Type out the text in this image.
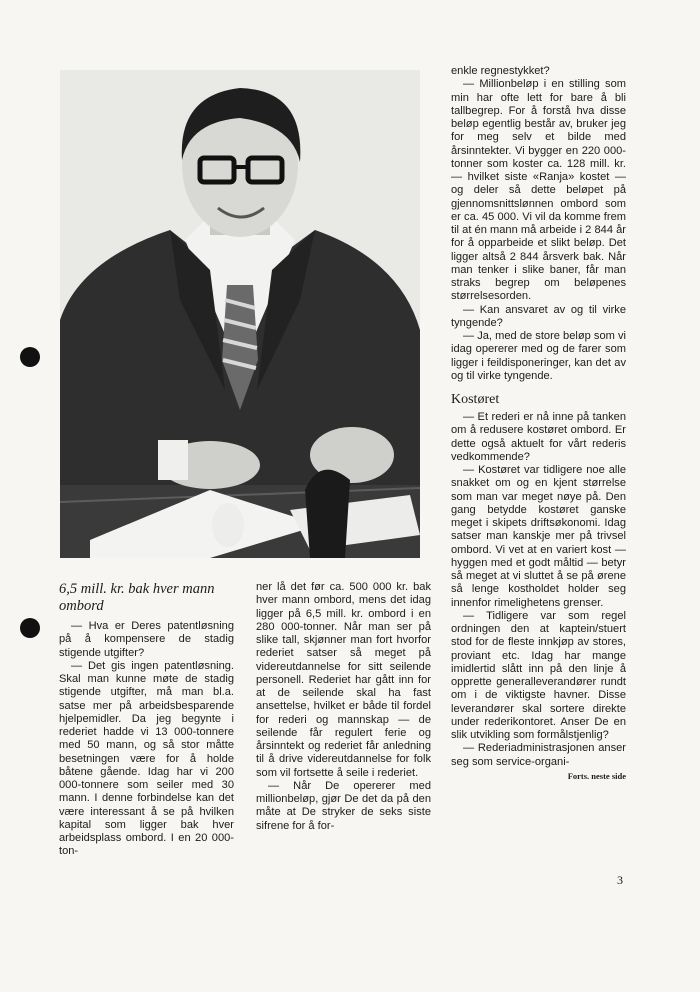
6,5 mill. kr. bak hver mann ombord

— Hva er Deres patentløsning på å kompensere de stadig stigende utgifter?

— Det gis ingen patentløsning. Skal man kunne møte de stadig stigende utgifter, må man bl.a. satse mer på arbeidsbesparende hjelpemidler. Da jeg begynte i rederiet hadde vi 13 000-tonnere med 50 mann, og så stor måtte besetningen være for å holde båtene gående. Idag har vi 200 000-tonnere som seiler med 30 mann. I denne forbindelse kan det være interessant å se på hvilken kapital som ligger bak hver arbeidsplass ombord. I en 20 000-ton-

ner lå det før ca. 500 000 kr. bak hver mann ombord, mens det idag ligger på 6,5 mill. kr. ombord i en 280 000-tonner. Når man ser på slike tall, skjønner man fort hvorfor rederiet satser så meget på videreutdannelse for sitt seilende personell. Rederiet har gått inn for at de seilende skal ha fast ansettelse, hvilket er både til fordel for rederi og mannskap — de seilende får regulert ferie og årsinntekt og rederiet får anledning til å drive videreutdannelse for folk som vil fortsette å seile i rederiet.

— Når De opererer med millionbeløp, gjør De det da på den måte at De stryker de seks siste sifrene for å for-

enkle regnestykket?

— Millionbeløp i en stilling som min har ofte lett for bare å bli tallbegrep. For å forstå hva disse beløp egentlig består av, bruker jeg for meg selv et bilde med årsinntekter. Vi bygger en 220 000-tonner som koster ca. 128 mill. kr. — hvilket siste «Ranja» kostet — og deler så dette beløpet på gjennomsnittslønnen ombord som er ca. 45 000. Vi vil da komme frem til at én mann må arbeide i 2 844 år for å opparbeide et slikt beløp. Det ligger altså 2 844 årsverk bak. Når man tenker i slike baner, får man straks begrep om beløpenes størrelsesorden.

— Kan ansvaret av og til virke tyngende?

— Ja, med de store beløp som vi idag opererer med og de farer som ligger i feildisponeringer, kan det av og til virke tyngende.

Kostøret

— Et rederi er nå inne på tanken om å redusere kostøret ombord. Er dette også aktuelt for vårt rederis vedkommende?

— Kostøret var tidligere noe alle snakket om og en kjent størrelse som man var meget nøye på. Den gang betydde kostøret ganske meget i skipets driftsøkonomi. Idag satser man kanskje mer på trivsel ombord. Vi vet at en variert kost — hyggen med et godt måltid — betyr så meget at vi sluttet å se på ørene så lenge kostholdet holder seg innenfor rimelighetens grenser.

— Tidligere var som regel ordningen den at kaptein/stuert stod for de fleste innkjøp av stores, proviant etc. Idag har mange imidlertid slått inn på den linje å opprette generalleverandører rundt om i de viktigste havner. Disse leverandører skal sortere direkte under rederikontoret. Anser De en slik utvikling som formålstjenlig?

— Rederiadministrasjonen anser seg som service-organi-

Forts. neste side
3
